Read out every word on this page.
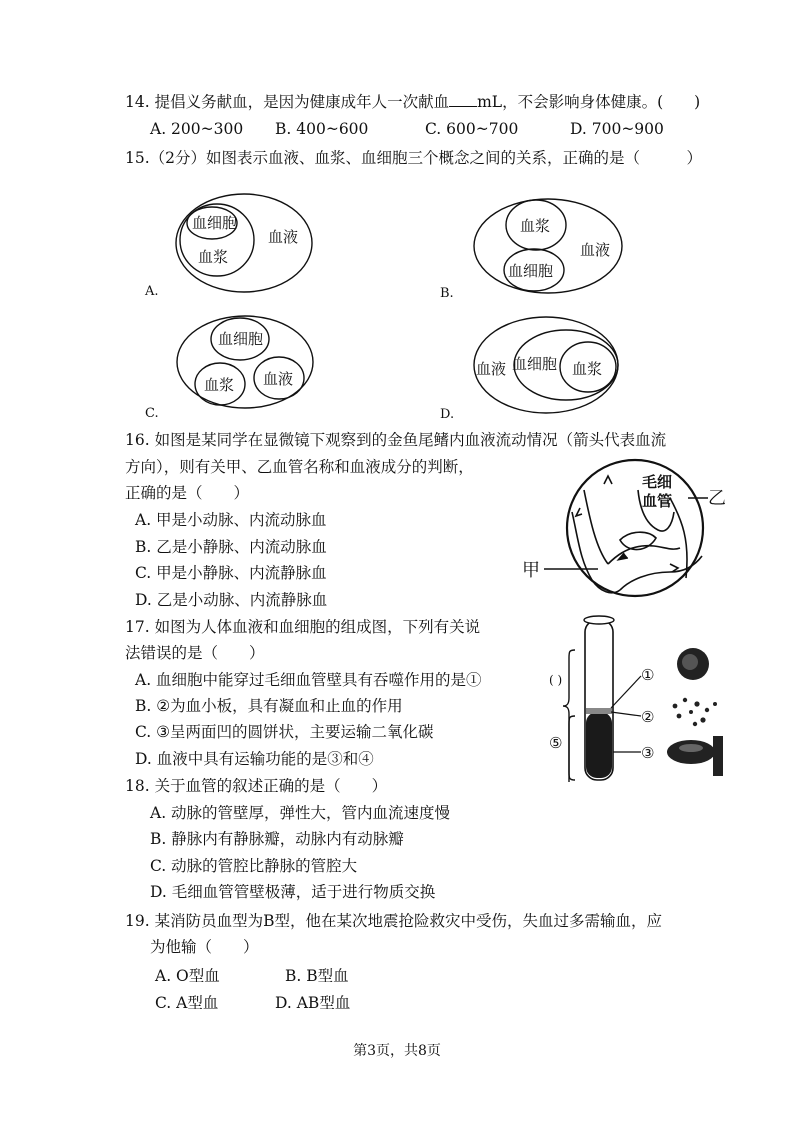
14. 提倡义务献血，是因为健康成年人一次献血 mL，不会影响身体健康。(　　)
A. 200~300 B. 400~600	C. 600~700	D. 700~900
15.（2分）如图表示血液、血浆、血细胞三个概念之间的关系，正确的是（　　　）
血细胞
血浆
血液
A.
血浆
血细胞
血液
B.
血细胞
血浆 血液
C.
血液 血细胞 血浆
D.
16. 如图是某同学在显微镜下观察到的金鱼尾鳍内血液流动情况（箭头代表血流
方向），则有关甲、乙血管名称和血液成分的判断，
正确的是（　　）
A. 甲是小动脉、内流动脉血
B. 乙是小静脉、内流动脉血
C. 甲是小静脉、内流静脉血
D. 乙是小动脉、内流静脉血
毛细
血管 乙
甲
17. 如图为人体血液和血细胞的组成图，下列有关说
法错误的是（　　）
A. 血细胞中能穿过毛细血管壁具有吞噬作用的是①
B. ②为血小板，具有凝血和止血的作用
C. ③呈两面凹的圆饼状，主要运输二氧化碳
D. 血液中具有运输功能的是③和④
( )
⑤
①
②
③
18. 关于血管的叙述正确的是（　　）
A. 动脉的管壁厚，弹性大，管内血流速度慢
B. 静脉内有静脉瓣，动脉内有动脉瓣
C. 动脉的管腔比静脉的管腔大
D. 毛细血管管壁极薄，适于进行物质交换
19. 某消防员血型为B型，他在某次地震抢险救灾中受伤，失血过多需输血，应
为他输（　　）
A. O型血	B. B型血
C. A型血	D. AB型血
第3页，共8页
